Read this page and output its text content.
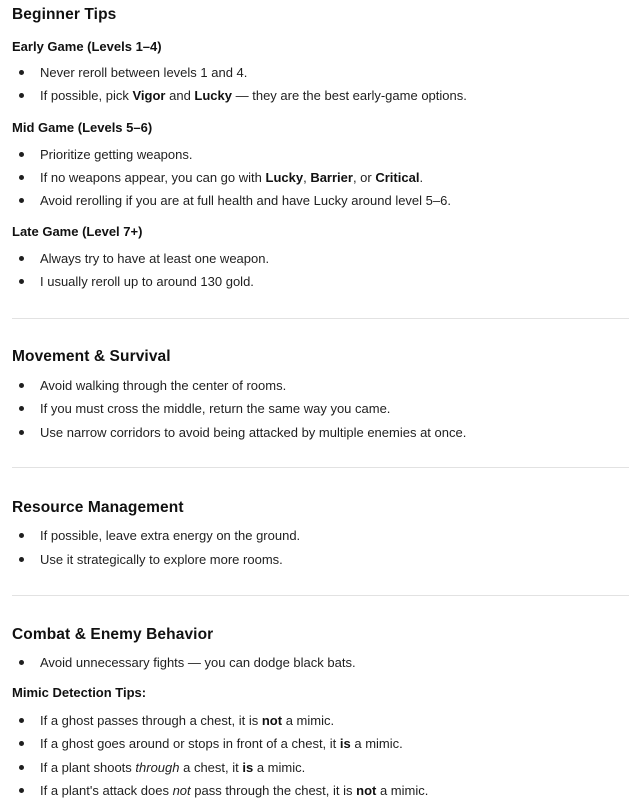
Beginner Tips
Early Game (Levels 1–4)
Never reroll between levels 1 and 4.
If possible, pick Vigor and Lucky — they are the best early-game options.
Mid Game (Levels 5–6)
Prioritize getting weapons.
If no weapons appear, you can go with Lucky, Barrier, or Critical.
Avoid rerolling if you are at full health and have Lucky around level 5–6.
Late Game (Level 7+)
Always try to have at least one weapon.
I usually reroll up to around 130 gold.
Movement & Survival
Avoid walking through the center of rooms.
If you must cross the middle, return the same way you came.
Use narrow corridors to avoid being attacked by multiple enemies at once.
Resource Management
If possible, leave extra energy on the ground.
Use it strategically to explore more rooms.
Combat & Enemy Behavior
Avoid unnecessary fights — you can dodge black bats.
Mimic Detection Tips:
If a ghost passes through a chest, it is not a mimic.
If a ghost goes around or stops in front of a chest, it is a mimic.
If a plant shoots through a chest, it is a mimic.
If a plant's attack does not pass through the chest, it is not a mimic.
